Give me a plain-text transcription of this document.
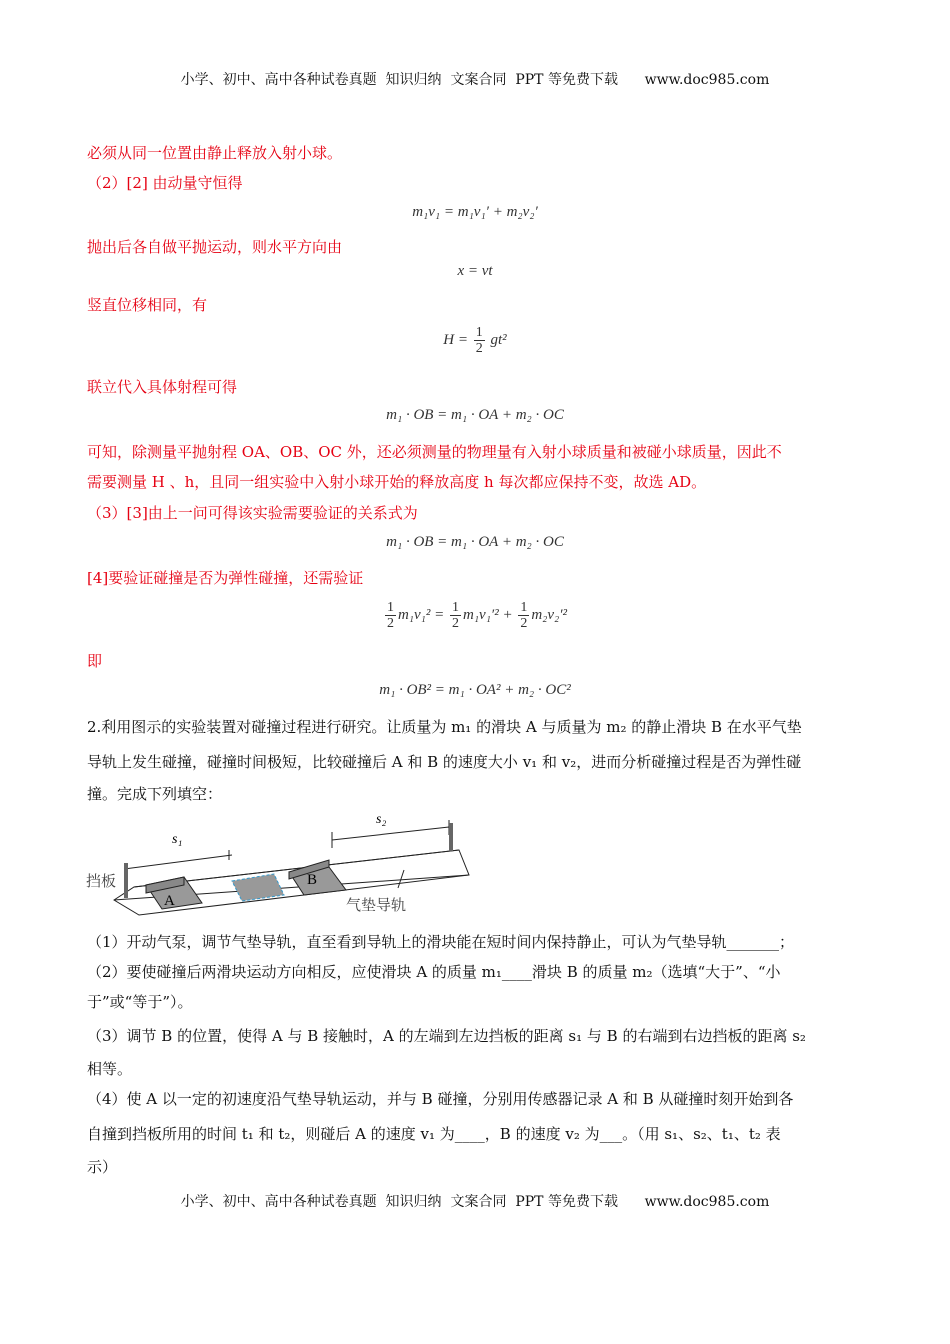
小学、初中、高中各种试卷真题  知识归纳  文案合同  PPT 等免费下载      www.doc985.com
必须从同一位置由静止释放入射小球。
（2）[2] 由动量守恒得
m₁v₁ = m₁v₁′ + m₂v₂′
抛出后各自做平抛运动，则水平方向由
x = vt
竖直位移相同，有
$H = \frac{1}{2} gt^2$
联立代入具体射程可得
m₁ · OB = m₁ · OA + m₂ · OC
可知，除测量平抛射程 OA、OB、OC 外，还必须测量的物理量有入射小球质量和被碰小球质量，因此不
需要测量 H 、h，且同一组实验中入射小球开始的释放高度 h 每次都应保持不变，故选 AD。
（3）[3]由上一问可得该实验需要验证的关系式为
m₁ · OB = m₁ · OA + m₂ · OC
[4]要验证碰撞是否为弹性碰撞，还需验证
$\frac{1}{2} m_1v_1^2 = \frac{1}{2} m_1v_1'^2 + \frac{1}{2} m_2v_2'^2$
即
m₁ · OB² = m₁ · OA² + m₂ · OC²
2.利用图示的实验装置对碰撞过程进行研究。让质量为 m₁ 的滑块 A 与质量为 m₂ 的静止滑块 B 在水平气垫
导轨上发生碰撞，碰撞时间极短，比较碰撞后 A 和 B 的速度大小 v₁ 和 v₂，进而分析碰撞过程是否为弹性碰
撞。完成下列填空：
s₁
s₂
挡板
A
B
气垫导轨
（1）开动气泵，调节气垫导轨，直至看到导轨上的滑块能在短时间内保持静止，可认为气垫导轨_______；
（2）要使碰撞后两滑块运动方向相反，应使滑块 A 的质量 m₁____滑块 B 的质量 m₂（选填“大于”、“小
于”或“等于”）。
（3）调节 B 的位置，使得 A 与 B 接触时，A 的左端到左边挡板的距离 s₁ 与 B 的右端到右边挡板的距离 s₂
相等。
（4）使 A 以一定的初速度沿气垫导轨运动，并与 B 碰撞，分别用传感器记录 A 和 B 从碰撞时刻开始到各
自撞到挡板所用的时间 t₁ 和 t₂，则碰后 A 的速度 v₁ 为____，B 的速度 v₂ 为___。（用 s₁、s₂、t₁、t₂ 表
示）
小学、初中、高中各种试卷真题  知识归纳  文案合同  PPT 等免费下载      www.doc985.com
